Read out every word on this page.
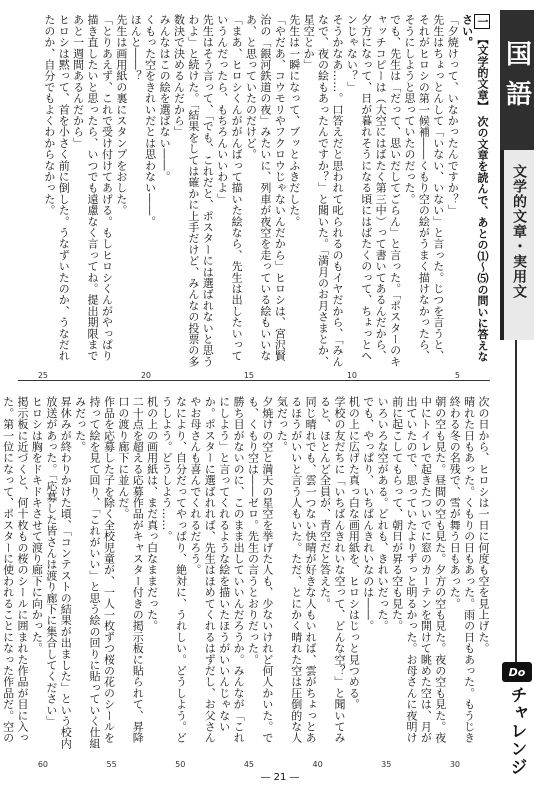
国語
文学的文章・実用文
Do
チャレンジ

一 【文学的文章】 次の文章を読んで、あとの⑴〜⑸の問いに答えなさい。

「夕焼けって、いなかったんですか？」

先生はちょっとんして「いない、いない」と言った。じつを言うと、それがヒロシの第一候補――くもり空の絵がうまく描けなかったら、そうにしようと思っていたのだった。

でも、先生は「だって、思いだしてごらん」と言った。「ポスターのキャッチコピーは（大空にはばたく第三中）って書いてあるんだから、夕方になって、日が暮れそうになる頃にはばたくのって、ちょっとヘンじゃない？」

そうかなあ……。口答えだと思われて叱られるのもイヤだから、「みんなで、夜の絵もあったんですか？」と聞いた。「満月のお月さまとか、星空とか」

先生は一瞬になって、ブッとふきだした。

「やだあ、コウモリやフクロウじゃないんだから」ヒロシは、宮沢賢治の「銀河鉄道の夜」みたいに、列車が夜空を走っている絵もいいなあ、と思っていたのだけど。

「まあ、ヒロシくんががんばって描いた絵なら、先生は出したいっていうんだったら、もちろんいいわよ」

先生はそう言って、「でも、これだと、ポスターには選ばれないと思うわよ」と続けた。「結果をしては確かに上手だけど、みんなの投票の多数決で決めるんだから」

みんなはこの絵を選ばない――。

くもった空をきれいだとは思わない――。

ほんと――？

先生は画用紙の裏にスタンプをおした。

「とりあえず、これで受け付けてあげる。もしヒロシくんがやっぱり描き直したいと思ったら、いつでも遠慮なく言ってね。提出期限まであと一週間あるんだから」

ヒロシは黙って、首を小さく前に倒した。うなずいたのか、うなだれたのか、自分でもよくわからなかった。

5
10
15
20
25

次の日から、ヒロシは一日に何度も空を見上げた。

晴れた日もあった。くもりの日もあった。雨の日もあった。もうじき終わる冬の名残で、雪が舞う日もあった。

朝の空も見た。昼間の空も見た。夕方の空も見た。夜の空も見た。夜中にトイレで起きたついでに窓のカーテンを開けて眺めた空は、月が出ていたので、思っていたよりずっと明るかった。お母さんに夜明け前に起こしてもらって、朝日が昇る空も見た。

いろいろな空がある。どれも、きれいだった。

でも、やっぱり、いちばんきれいなのは――。

机の上に広げた真っ白な画用紙を、ヒロシはじっと見つめる。

学校の友だちに「いちばんきれいな空って、どんな空？」と聞いてみると、ほとんど全員が、青空だと答えた。

同じ晴れでも、雲一つない快晴が好きな人もいれば、雲がちょっとあるほうがいいと言う人もいた。ただ、とにかく晴れた空は圧倒的な人気だった。

夕焼けの空と満天の星空を挙げた人も、少ないけれど何人かいた。でも、くもり空は――ゼロ。先生の言うとおりだった。

勝ち目がないのに、このまま出していいんだろうか。みんなが「これにしよう」と言ってくれるような絵を描いたほうがいいんじゃないか。ポスターに選ばれれば、先生はほめてくれるはずだし、お父さんやお母さんも喜んでくれるだろう。

なにより、自分だってやっぱり、絶対に、うれしい。どうしよう。どうしよう。どうしよう……。

机の上の画用紙は、まだ真っ白なままだった。

二十点を超える応募作品がキャスター付きの掲示板に貼られて、昇降口の渡り廊下に並んだ。

作品を応募した子を除く全校児童が、一人一枚ずつ桜の花のシールを持って絵を見て回り、「これがいい」と思う絵の回りに貼っていく仕組みだった。

昇休みが終わりかけた頃、「コンテストの結果が出ました」という校内放送があった。「応募した皆さんは渡り廊下に集合してください」

ヒロシは胸をドキドキさせて渡り廊下に向かった。

掲示板に近づくと、何十枚もの桜のシールに囲まれた作品が目に入った。第一位になって、ポスターに使われることになった作品だ。空の

30
35
40
45
50
55
60
— 21 —
